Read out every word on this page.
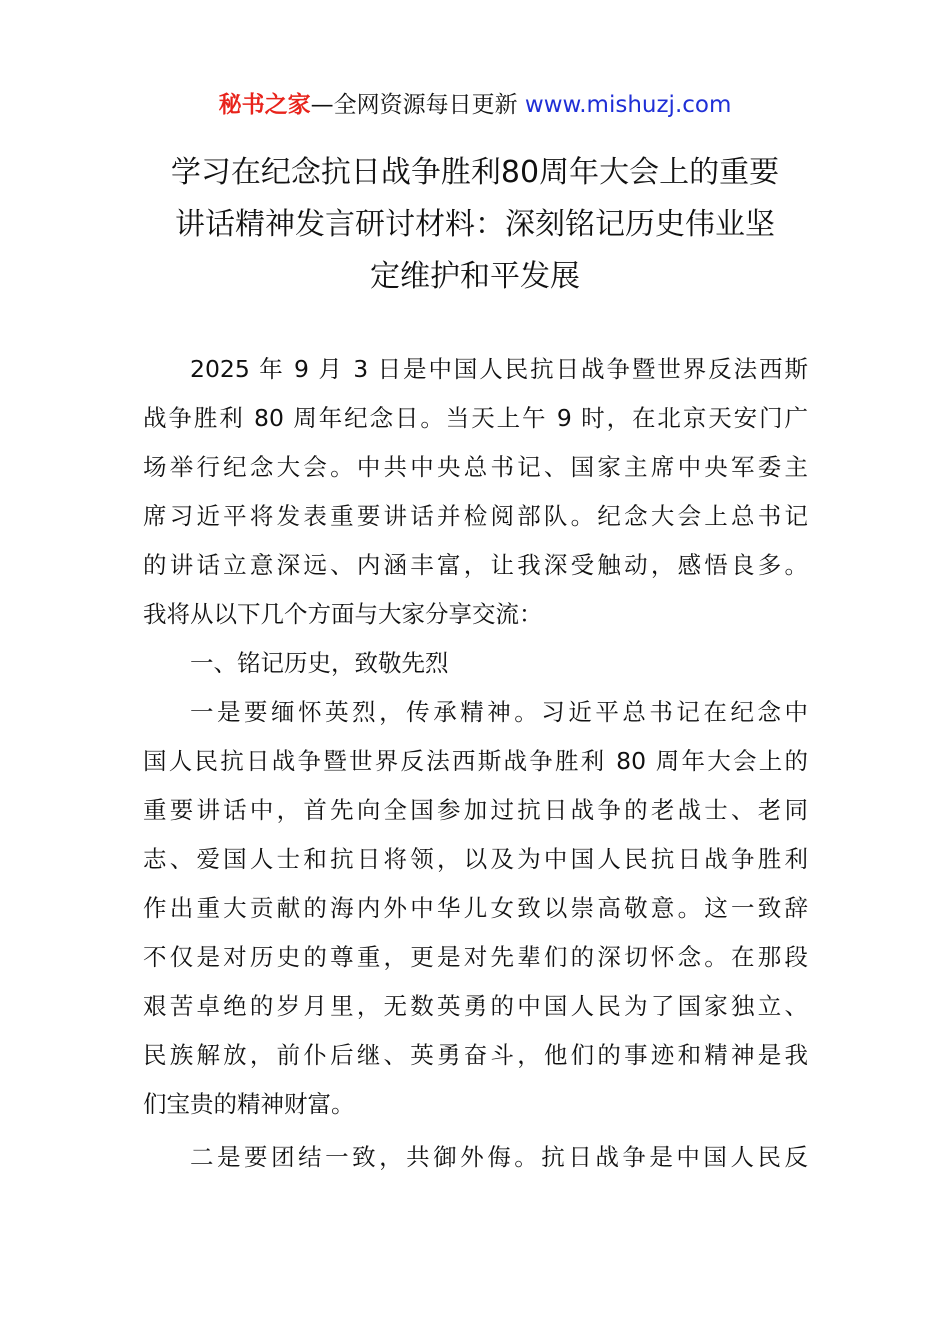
秘书之家—全网资源每日更新 www.mishuzj.com
学习在纪念抗日战争胜利80周年大会上的重要
讲话精神发言研讨材料：深刻铭记历史伟业坚
定维护和平发展

2025 年 9 月 3 日是中国人民抗日战争暨世界反法西斯
战争胜利 80 周年纪念日。当天上午 9 时，在北京天安门广
场举行纪念大会。中共中央总书记、国家主席中央军委主
席习近平将发表重要讲话并检阅部队。纪念大会上总书记
的讲话立意深远、内涵丰富，让我深受触动，感悟良多。
我将从以下几个方面与大家分享交流：

一、铭记历史，致敬先烈

一是要缅怀英烈，传承精神。习近平总书记在纪念中
国人民抗日战争暨世界反法西斯战争胜利 80 周年大会上的
重要讲话中，首先向全国参加过抗日战争的老战士、老同
志、爱国人士和抗日将领，以及为中国人民抗日战争胜利
作出重大贡献的海内外中华儿女致以崇高敬意。这一致辞
不仅是对历史的尊重，更是对先辈们的深切怀念。在那段
艰苦卓绝的岁月里，无数英勇的中国人民为了国家独立、
民族解放，前仆后继、英勇奋斗，他们的事迹和精神是我
们宝贵的精神财富。

二是要团结一致，共御外侮。抗日战争是中国人民反
